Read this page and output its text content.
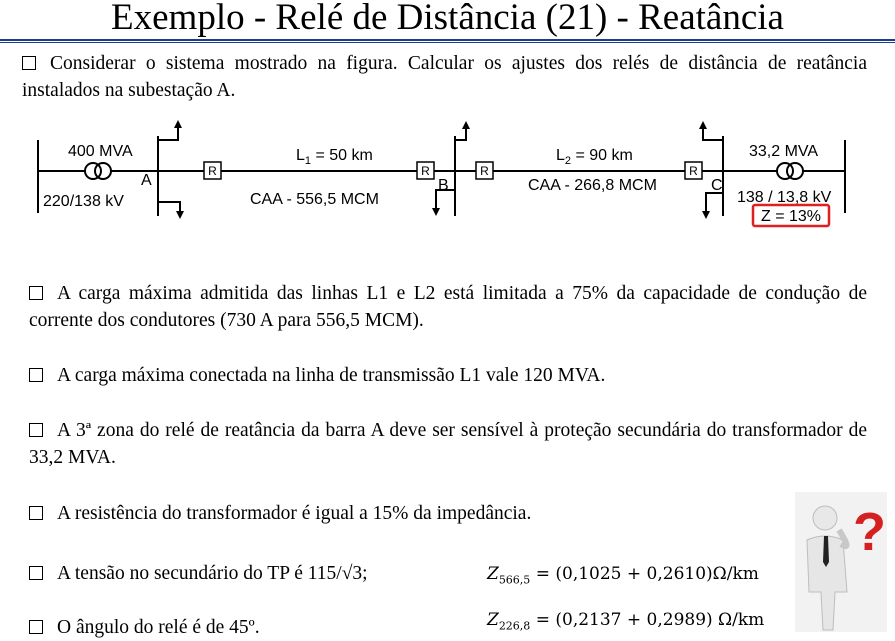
Exemplo - Relé de Distância (21) - Reatância
Considerar o sistema mostrado na figura. Calcular os ajustes dos relés de distância de reatância instalados na subestação A.
R	R	R	R
400 MVA
220/138 kV
A	B	C
$L_1 = 50$ km
CAA - 556,5 MCM
$L_2 = 90$ km
CAA - 266,8 MCM
33,2 MVA
138 / 13,8 kV
Z = 13%
A carga máxima admitida das linhas L1 e L2 está limitada a 75% da capacidade de condução de corrente dos condutores (730 A para 556,5 MCM).
A carga máxima conectada na linha de transmissão L1 vale 120 MVA.
A 3ª zona do relé de reatância da barra A deve ser sensível à proteção secundária do transformador de 33,2 MVA.
A resistência do transformador é igual a 15% da impedância.
A tensão no secundário do TP é 115/√3;
O ângulo do relé é de 45º.
$Z_{566,5} = (0,1025 + 0,2610)\Omega/km$
$Z_{226,8} = (0,2137 + 0,2989)$ Ω/km
?
